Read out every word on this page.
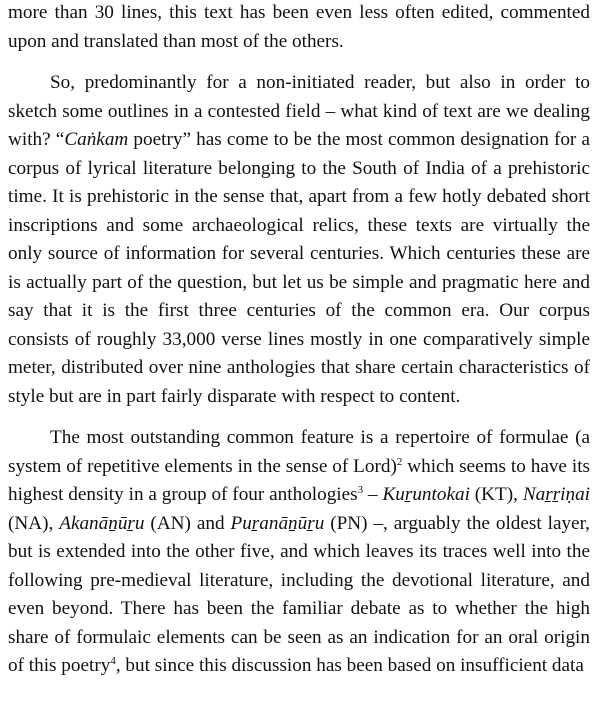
more than 30 lines, this text has been even less often edited, commented upon and translated than most of the others.

So, predominantly for a non-initiated reader, but also in order to sketch some outlines in a contested field – what kind of text are we dealing with? “Caṅkam poetry” has come to be the most common designation for a corpus of lyrical literature belonging to the South of India of a prehistoric time. It is prehistoric in the sense that, apart from a few hotly debated short inscriptions and some archaeological relics, these texts are virtually the only source of information for several centuries. Which centuries these are is actually part of the question, but let us be simple and pragmatic here and say that it is the first three centuries of the common era. Our corpus consists of roughly 33,000 verse lines mostly in one comparatively simple meter, distributed over nine anthologies that share certain characteristics of style but are in part fairly disparate with respect to content.

The most outstanding common feature is a repertoire of formulae (a system of repetitive elements in the sense of Lord)$^2$ which seems to have its highest density in a group of four anthologies$^3$ – Kuṟuntokai (KT), Naṟṟiṇai (NA), Akanāṉūṟu (AN) and Puṟanāṉūṟu (PN) –, arguably the oldest layer, but is extended into the other five, and which leaves its traces well into the following pre-medieval literature, including the devotional literature, and even beyond. There has been the familiar debate as to whether the high share of formulaic elements can be seen as an indication for an oral origin of this poetry$^4$, but since this discussion has been based on insufficient data
